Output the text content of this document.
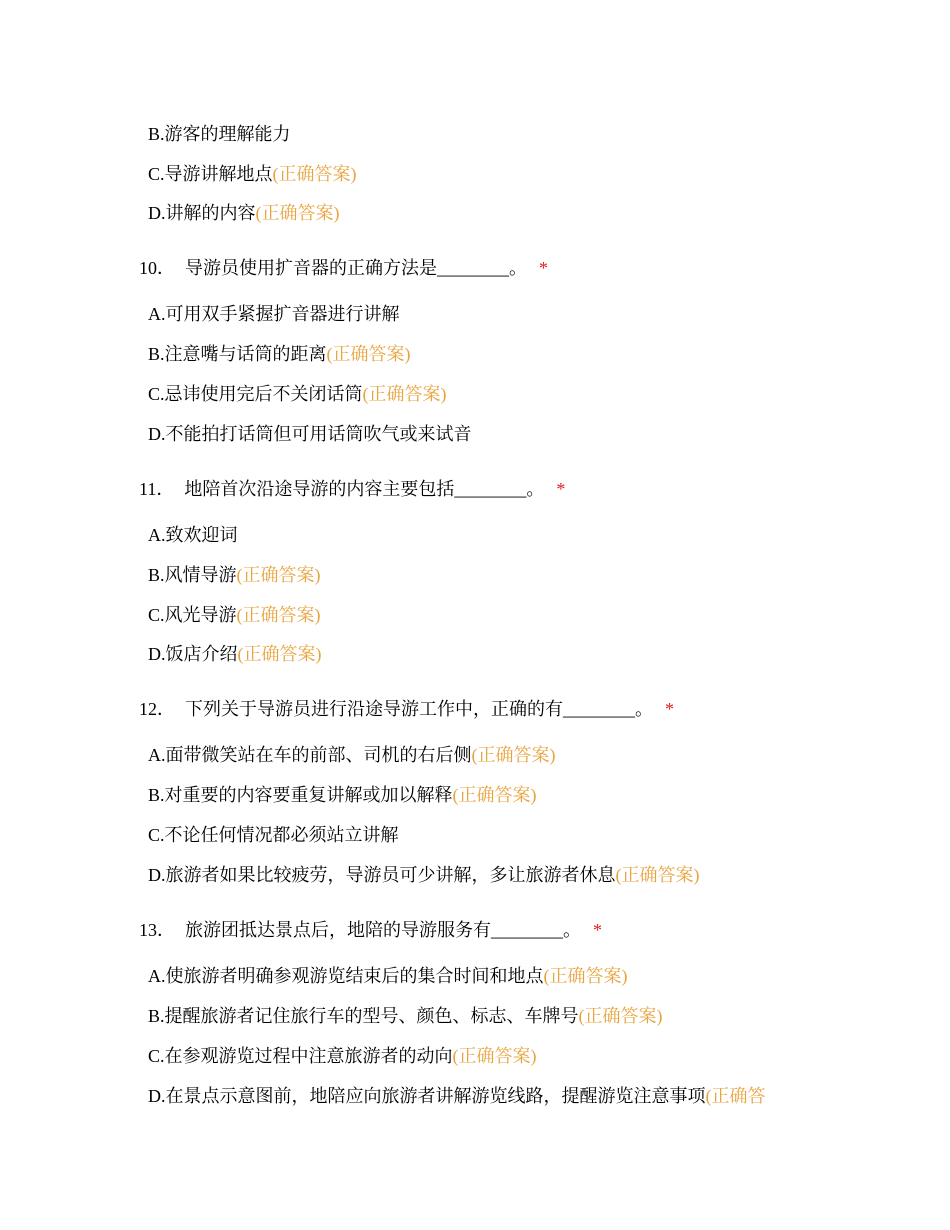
B.游客的理解能力
C.导游讲解地点(正确答案)
D.讲解的内容(正确答案)
10． 导游员使用扩音器的正确方法是________。 *
A.可用双手紧握扩音器进行讲解
B.注意嘴与话筒的距离(正确答案)
C.忌讳使用完后不关闭话筒(正确答案)
D.不能拍打话筒但可用话筒吹气或来试音
11． 地陪首次沿途导游的内容主要包括________。 *
A.致欢迎词
B.风情导游(正确答案)
C.风光导游(正确答案)
D.饭店介绍(正确答案)
12． 下列关于导游员进行沿途导游工作中，正确的有________。 *
A.面带微笑站在车的前部、司机的右后侧(正确答案)
B.对重要的内容要重复讲解或加以解释(正确答案)
C.不论任何情况都必须站立讲解
D.旅游者如果比较疲劳，导游员可少讲解，多让旅游者休息(正确答案)
13． 旅游团抵达景点后，地陪的导游服务有________。 *
A.使旅游者明确参观游览结束后的集合时间和地点(正确答案)
B.提醒旅游者记住旅行车的型号、颜色、标志、车牌号(正确答案)
C.在参观游览过程中注意旅游者的动向(正确答案)
D.在景点示意图前，地陪应向旅游者讲解游览线路，提醒游览注意事项(正确答
